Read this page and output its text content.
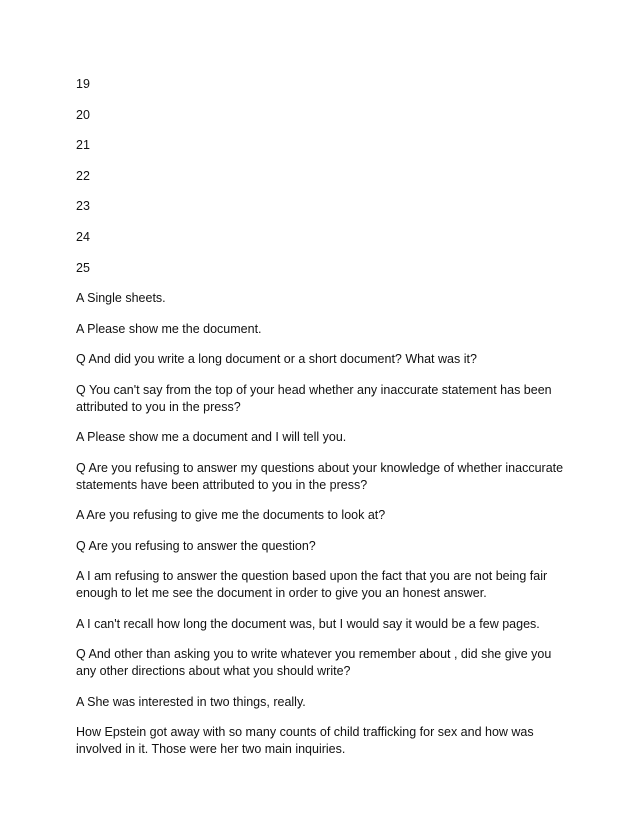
19
20
21
22
23
24
25

A Single sheets.

A Please show me the document.

Q And did you write a long document or a short document? What was it?

Q You can't say from the top of your head whether any inaccurate statement has been attributed to you in the press?

A Please show me a document and I will tell you.

Q Are you refusing to answer my questions about your knowledge of whether inaccurate statements have been attributed to you in the press?

A Are you refusing to give me the documents to look at?

Q Are you refusing to answer the question?

A I am refusing to answer the question based upon the fact that you are not being fair enough to let me see the document in order to give you an honest answer.

A I can't recall how long the document was, but I would say it would be a few pages.

Q And other than asking you to write whatever you remember about , did she give you any other directions about what you should write?

A She was interested in two things, really.

How Epstein got away with so many counts of child trafficking for sex and how was involved in it. Those were her two main inquiries.
